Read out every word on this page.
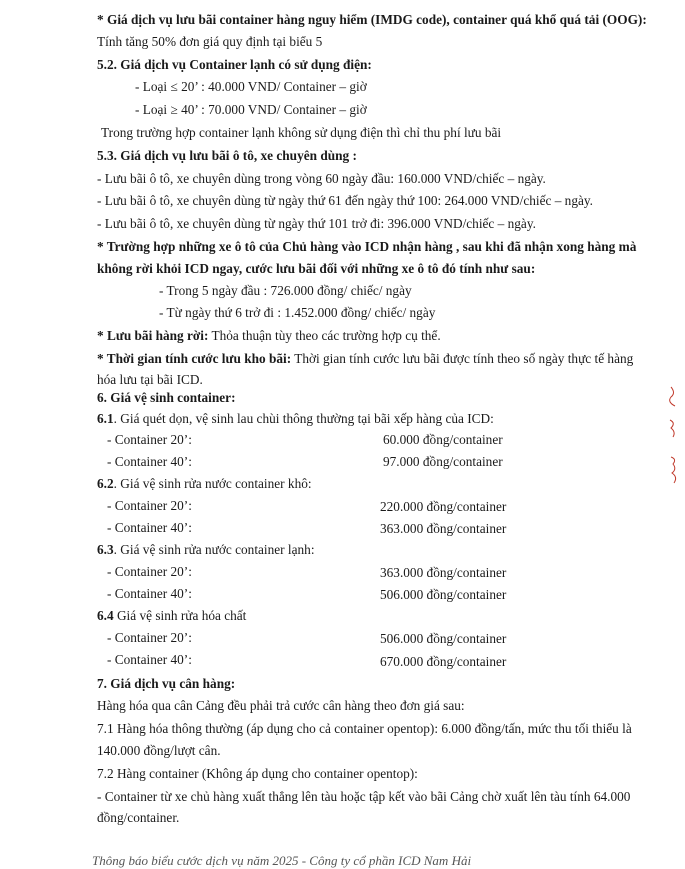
* Giá dịch vụ lưu bãi container hàng nguy hiểm (IMDG code), container quá khổ quá tải (OOG):
Tính tăng 50% đơn giá quy định tại biểu 5
5.2. Giá dịch vụ Container lạnh có sử dụng điện:
- Loại ≤ 20’ : 40.000 VND/ Container – giờ
- Loại ≥ 40’ : 70.000 VND/ Container – giờ
Trong trường hợp container lạnh không sử dụng điện thì chỉ thu phí lưu bãi
5.3. Giá dịch vụ lưu bãi ô tô, xe chuyên dùng :
- Lưu bãi ô tô, xe chuyên dùng trong vòng 60 ngày đầu: 160.000 VND/chiếc – ngày.
- Lưu bãi ô tô, xe chuyên dùng từ ngày thứ 61 đến ngày thứ 100: 264.000 VND/chiếc – ngày.
- Lưu bãi ô tô, xe chuyên dùng từ ngày thứ 101 trở đi: 396.000 VND/chiếc – ngày.
* Trường hợp những xe ô tô của Chủ hàng vào ICD nhận hàng , sau khi đã nhận xong hàng mà
không rời khỏi ICD ngay, cước lưu bãi đối với những xe ô tô đó tính như sau:
- Trong 5 ngày đầu : 726.000 đồng/ chiếc/ ngày
- Từ ngày thứ 6 trở đi : 1.452.000 đồng/ chiếc/ ngày
* Lưu bãi hàng rời: Thỏa thuận tùy theo các trường hợp cụ thể.
* Thời gian tính cước lưu kho bãi: Thời gian tính cước lưu bãi được tính theo số ngày thực tế hàng
hóa lưu tại bãi ICD.
6. Giá vệ sinh container:
6.1. Giá quét dọn, vệ sinh lau chùi thông thường tại bãi xếp hàng của ICD:
- Container 20’:	60.000 đồng/container
- Container 40’:	97.000 đồng/container
6.2. Giá vệ sinh rửa nước container khô:
- Container 20’:	220.000 đồng/container
- Container 40’:	363.000 đồng/container
6.3. Giá vệ sinh rửa nước container lạnh:
- Container 20’:	363.000 đồng/container
- Container 40’:	506.000 đồng/container
6.4 Giá vệ sinh rửa hóa chất
- Container 20’:	506.000 đồng/container
- Container 40’:	670.000 đồng/container
7. Giá dịch vụ cân hàng:
Hàng hóa qua cân Cảng đều phải trả cước cân hàng theo đơn giá sau:
7.1 Hàng hóa thông thường (áp dụng cho cả container opentop): 6.000 đồng/tấn, mức thu tối thiểu là
140.000 đồng/lượt cân.
7.2 Hàng container (Không áp dụng cho container opentop):
- Container từ xe chủ hàng xuất thẳng lên tàu hoặc tập kết vào bãi Cảng chờ xuất lên tàu tính 64.000
đồng/container.
Thông báo biểu cước dịch vụ năm 2025 - Công ty cổ phần ICD Nam Hải
